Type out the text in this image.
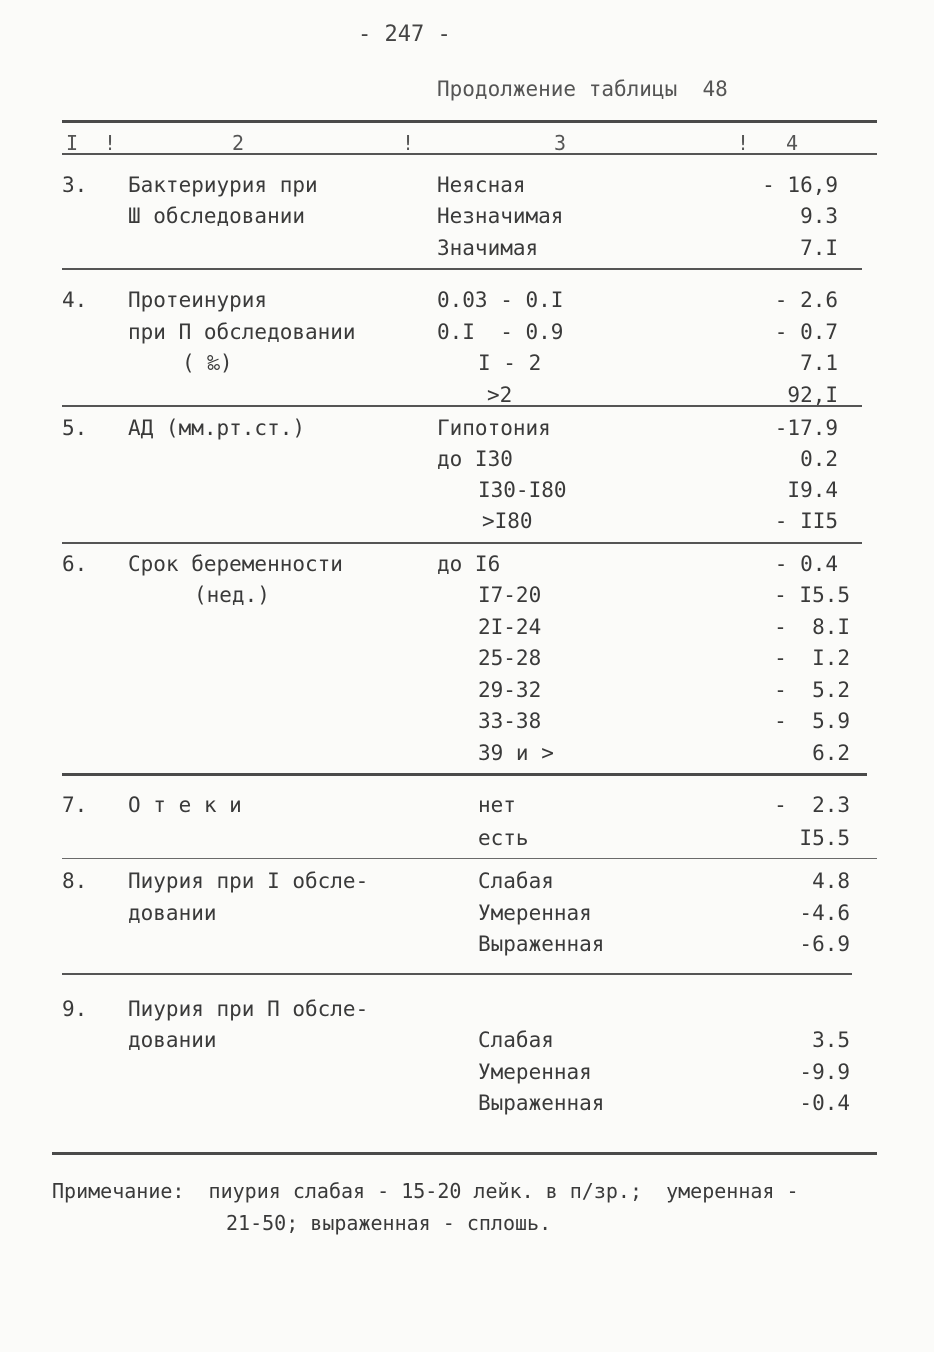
- 247 -
Продолжение таблицы  48
I !	2	!	3	! 4
3. Бактериурия при
Ш обследовании
Неясная	- 16,9
Незначимая	9.3
Значимая	7.I
4. Протеинурия
при П обследовании
( ‰)
0.03 - 0.I	- 2.6
0.I  - 0.9	- 0.7
I - 2	7.1
>2	92,I
5. АД (мм.рт.ст.)	Гипотония	-17.9
до I30	0.2
I30-I80	I9.4
>I80	- II5
6. Срок беременности
(нед.)
до I6	- 0.4
I7-20	- I5.5
2I-24	-  8.I
25-28	-  I.2
29-32	-  5.2
33-38	-  5.9
39 и >	6.2
7. О т е к и	нет	-  2.3
есть	I5.5
8. Пиурия при I обсле-
довании
Слабая	4.8
Умеренная	-4.6
Выраженная	-6.9
9. Пиурия при П обсле-
довании	Слабая	3.5
Умеренная	-9.9
Выраженная	-0.4
Примечание:  пиурия слабая - 15-20 лейк. в п/зр.;  умеренная -
21-50; выраженная - сплошь.
